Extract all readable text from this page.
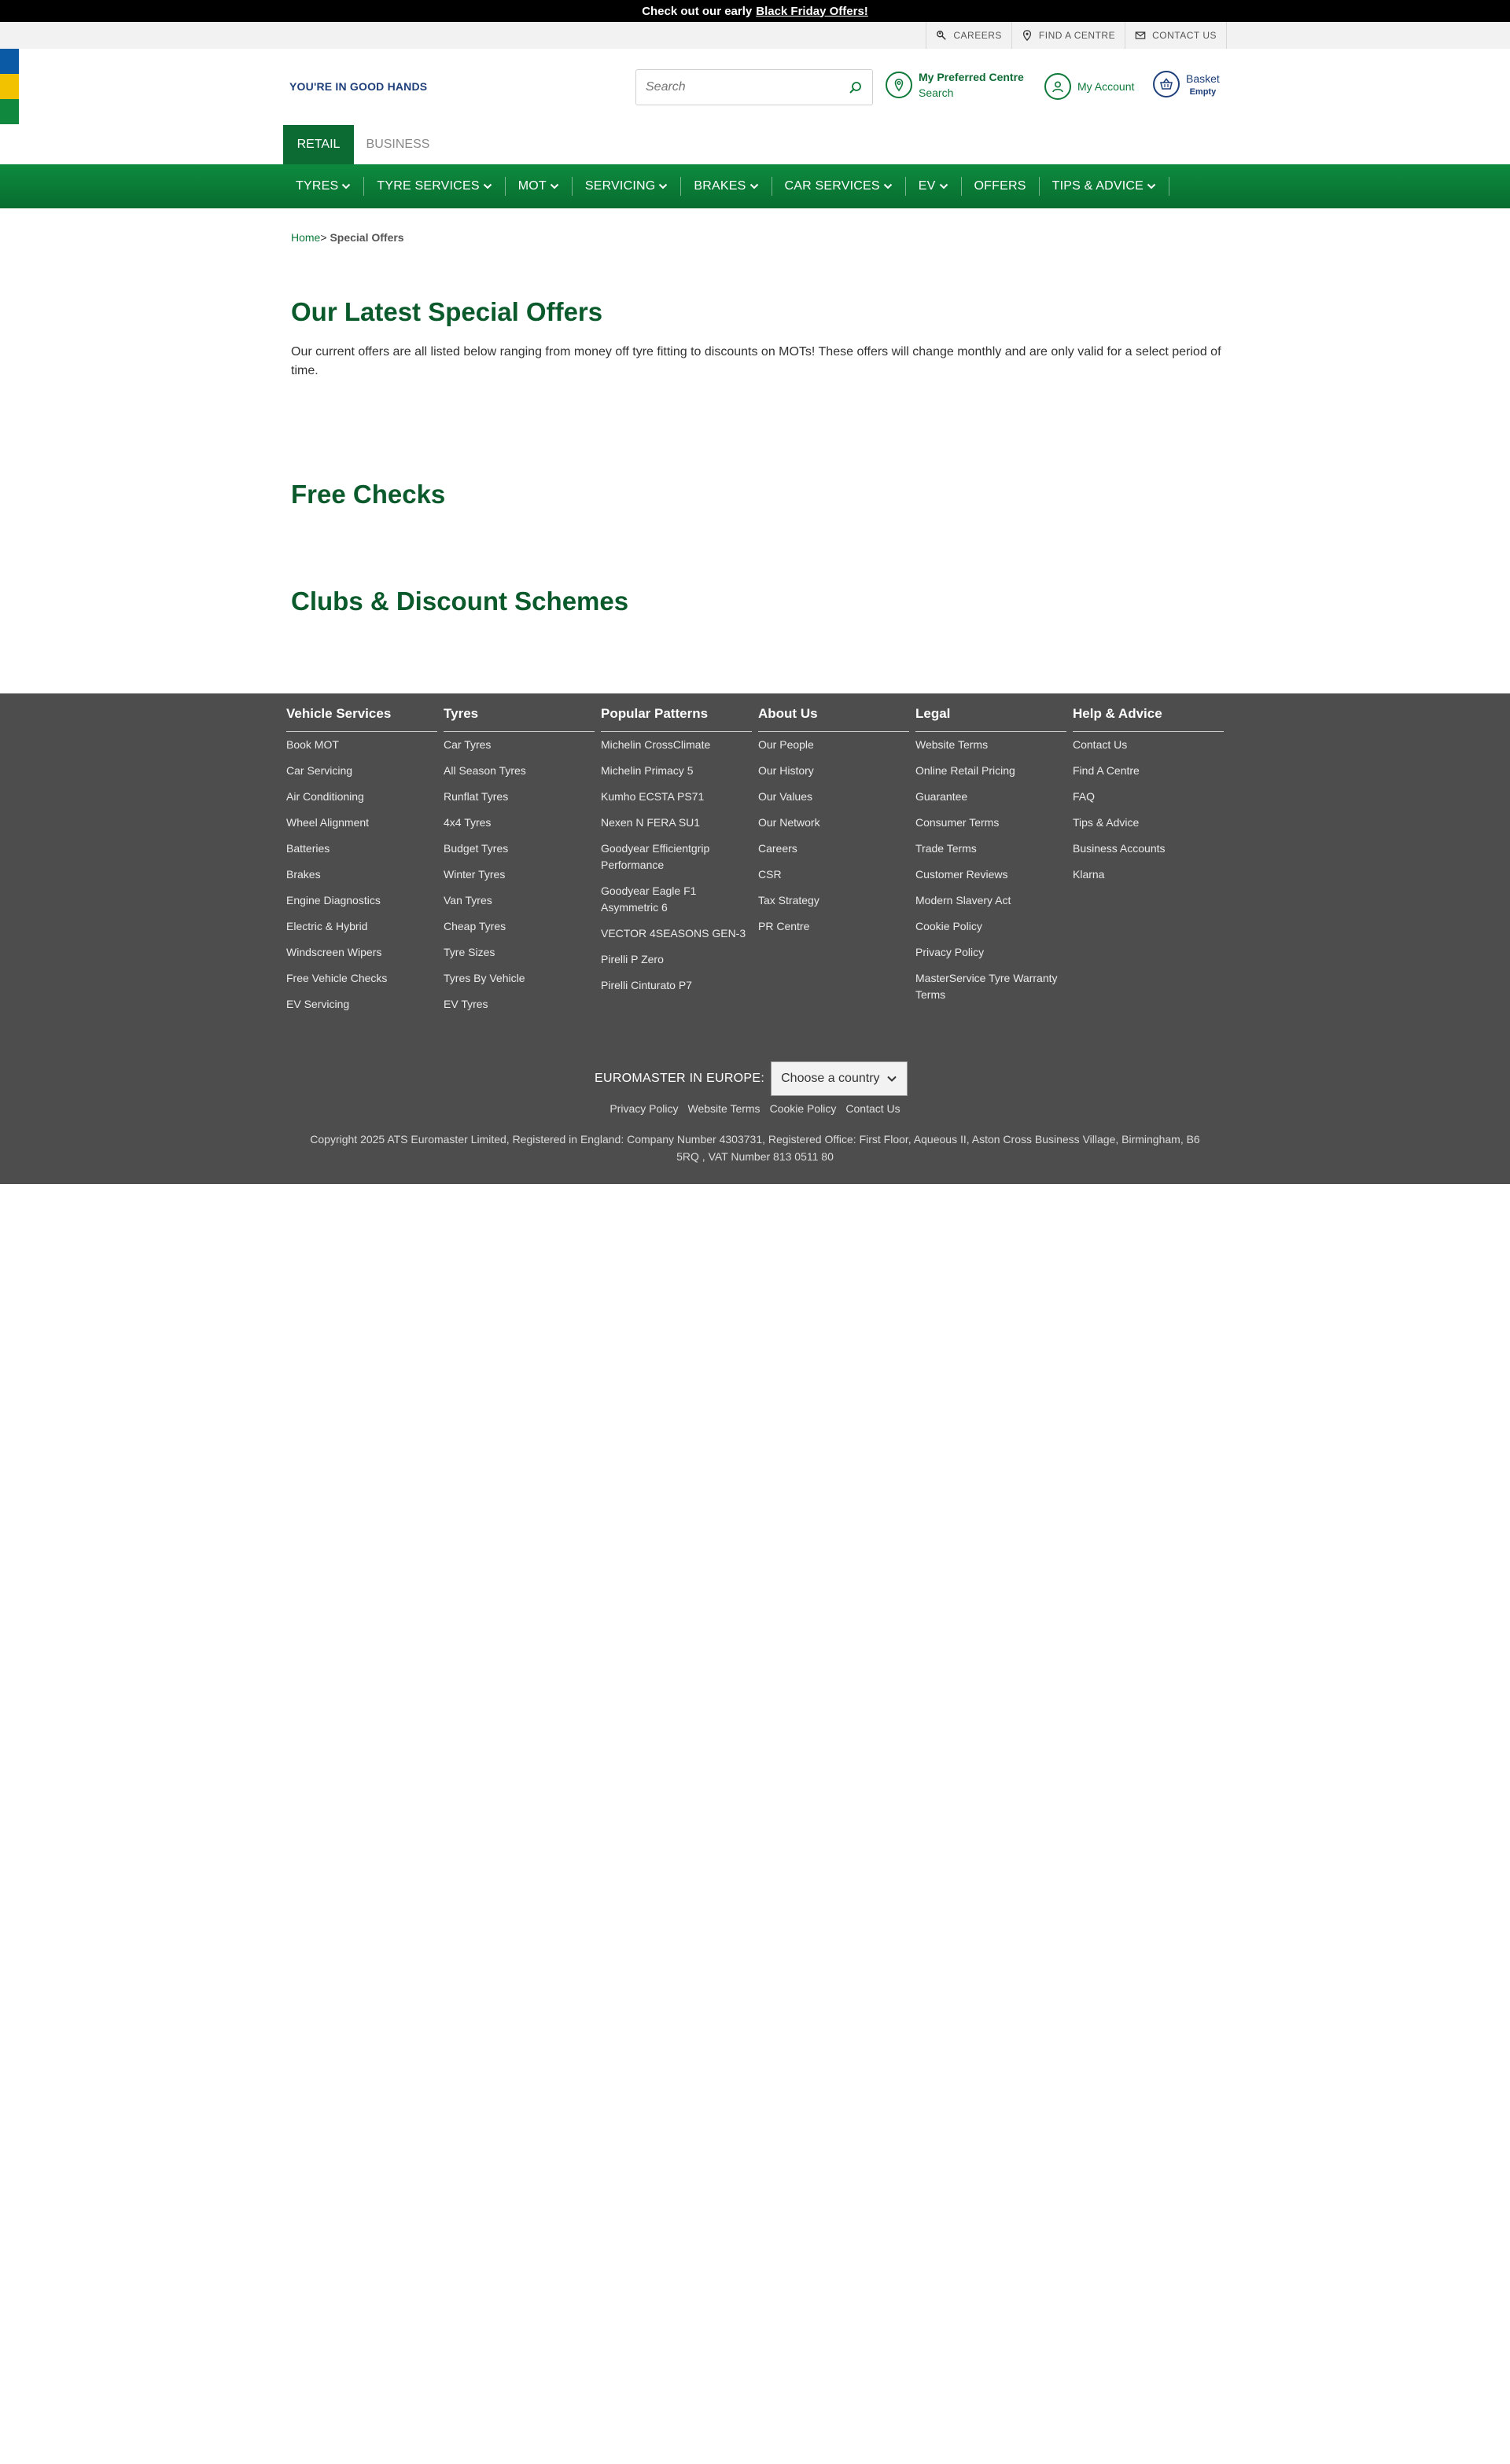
Check out our early Black Friday Offers!
CAREERS	FIND A CENTRE	CONTACT US
YOU'RE IN GOOD HANDS
Search
My Preferred Centre
Search	My Account
Basket
Empty
RETAIL	BUSINESS
TYRES	TYRE SERVICES	MOT	SERVICING	BRAKES	CAR SERVICES	EV	OFFERS TIPS & ADVICE
Home> Special Offers
Our Latest Special Offers

Our current offers are all listed below ranging from money off tyre fitting to discounts on MOTs! These offers will change monthly and are only valid for a select period of time.

Free Checks
Clubs & Discount Schemes
Vehicle Services
Book MOT
Car Servicing
Air Conditioning
Wheel Alignment
Batteries
Brakes
Engine Diagnostics
Electric & Hybrid
Windscreen Wipers
Free Vehicle Checks
EV Servicing
Tyres
Car Tyres
All Season Tyres
Runflat Tyres
4x4 Tyres
Budget Tyres
Winter Tyres
Van Tyres
Cheap Tyres
Tyre Sizes
Tyres By Vehicle
EV Tyres
Popular Patterns
Michelin CrossClimate
Michelin Primacy 5
Kumho ECSTA PS71
Nexen N FERA SU1
Goodyear Efficientgrip Performance
Goodyear Eagle F1 Asymmetric 6
VECTOR 4SEASONS GEN-3
Pirelli P Zero
Pirelli Cinturato P7
About Us
Our People
Our History
Our Values
Our Network
Careers
CSR
Tax Strategy
PR Centre
Legal
Website Terms
Online Retail Pricing
Guarantee
Consumer Terms
Trade Terms
Customer Reviews
Modern Slavery Act
Cookie Policy
Privacy Policy
MasterService Tyre Warranty Terms
Help & Advice
Contact Us
Find A Centre
FAQ
Tips & Advice
Business Accounts
Klarna
EUROMASTER IN EUROPE: Choose a country
Privacy Policy Website Terms Cookie Policy Contact Us
Copyright 2025 ATS Euromaster Limited, Registered in England: Company Number 4303731, Registered Office: First Floor, Aqueous II, Aston Cross Business Village, Birmingham, B6 5RQ , VAT Number 813 0511 80
